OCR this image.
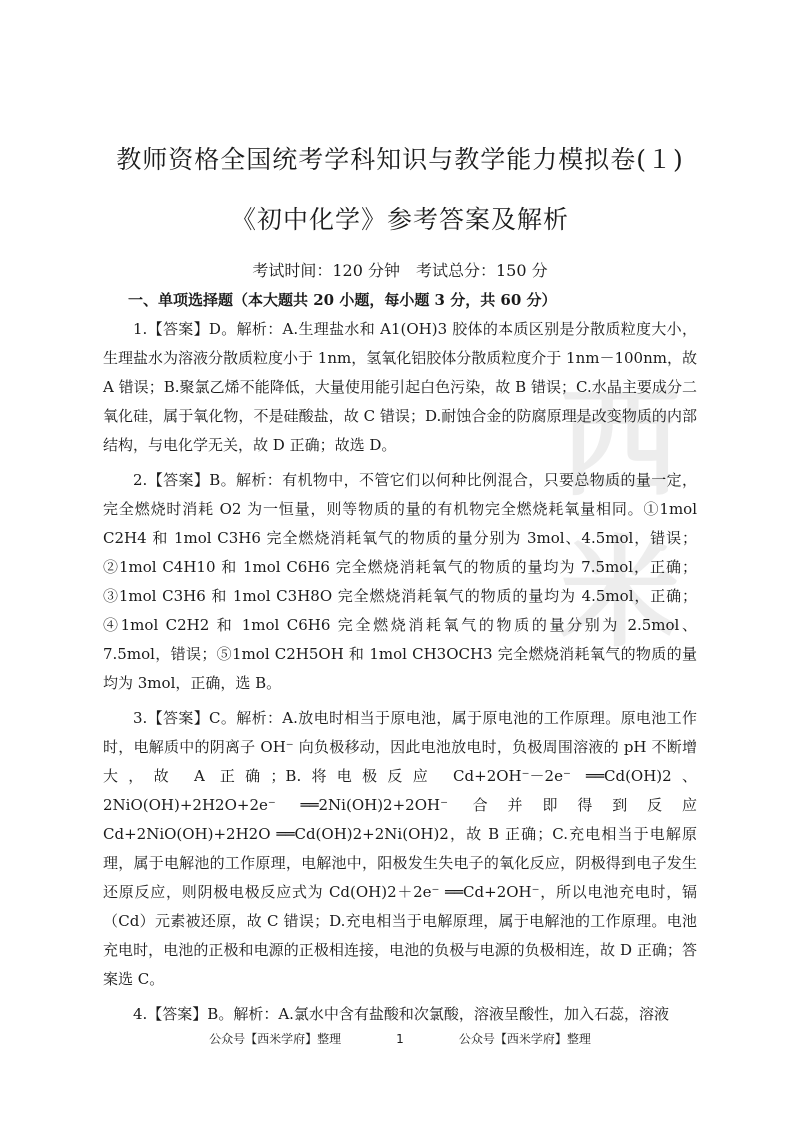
西
米
教师资格全国统考学科知识与教学能力模拟卷(１)
《初中化学》参考答案及解析
考试时间：120 分钟　考试总分：150 分
一、单项选择题（本大题共 20 小题，每小题 3 分，共 60 分）

1.【答案】D。解析：A.生理盐水和 A1(OH)3 胶体的本质区别是分散质粒度大小，生理盐水为溶液分散质粒度小于 1nm，氢氧化铝胶体分散质粒度介于 1nm－100nm，故 A 错误；B.聚氯乙烯不能降低，大量使用能引起白色污染，故 B 错误；C.水晶主要成分二氧化硅，属于氧化物，不是硅酸盐，故 C 错误；D.耐蚀合金的防腐原理是改变物质的内部结构，与电化学无关，故 D 正确；故选 D。

2.【答案】B。解析：有机物中，不管它们以何种比例混合，只要总物质的量一定，完全燃烧时消耗 O2 为一恒量，则等物质的量的有机物完全燃烧耗氧量相同。①1mol C2H4 和 1mol C3H6 完全燃烧消耗氧气的物质的量分别为 3mol、4.5mol，错误；②1mol C4H10 和 1mol C6H6 完全燃烧消耗氧气的物质的量均为 7.5mol，正确；③1mol C3H6 和 1mol C3H8O 完全燃烧消耗氧气的物质的量均为 4.5mol，正确；④1mol C2H2 和 1mol C6H6 完全燃烧消耗氧气的物质的量分别为 2.5mol、7.5mol，错误；⑤1mol C2H5OH 和 1mol CH3OCH3 完全燃烧消耗氧气的物质的量均为 3mol，正确，选 B。

3.【答案】C。解析：A.放电时相当于原电池，属于原电池的工作原理。原电池工作时，电解质中的阴离子 OH⁻ 向负极移动，因此电池放电时，负极周围溶液的 pH 不断增大，故 A 正确；B.将电极反应 Cd+2OH⁻－2e⁻ ══Cd(OH)2、2NiO(OH)+2H2O+2e⁻ ══2Ni(OH)2+2OH⁻ 合并即得到反应 Cd+2NiO(OH)+2H2O ══Cd(OH)2+2Ni(OH)2，故 B 正确；C.充电相当于电解原理，属于电解池的工作原理，电解池中，阳极发生失电子的氧化反应，阴极得到电子发生还原反应，则阴极电极反应式为 Cd(OH)2＋2e⁻ ══Cd+2OH⁻，所以电池充电时，镉（Cd）元素被还原，故 C 错误；D.充电相当于电解原理，属于电解池的工作原理。电池充电时，电池的正极和电源的正极相连接，电池的负极与电源的负极相连，故 D 正确；答案选 C。

4.【答案】B。解析：A.氯水中含有盐酸和次氯酸，溶液呈酸性，加入石蕊，溶液

公众号【西米学府】整理	1	公众号【西米学府】整理
